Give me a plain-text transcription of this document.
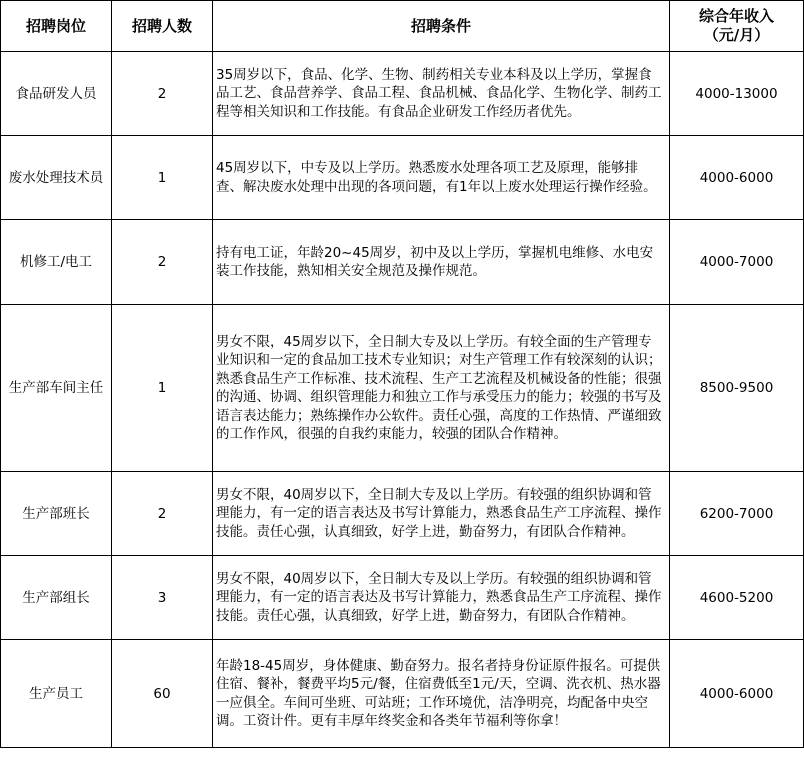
招聘岗位	招聘人数	招聘条件	综合年收入
（元/月）

食品研发人员	2	35周岁以下，食品、化学、生物、制药相关专业本科及以上学历，掌握食品工艺、食品营养学、食品工程、食品机械、食品化学、生物化学、制药工程等相关知识和工作技能。有食品企业研发工作经历者优先。	4000-13000
废水处理技术员	1	45周岁以下，中专及以上学历。熟悉废水处理各项工艺及原理，能够排查、解决废水处理中出现的各项问题，有1年以上废水处理运行操作经验。	4000-6000
机修工/电工	2	持有电工证，年龄20~45周岁，初中及以上学历，掌握机电维修、水电安装工作技能，熟知相关安全规范及操作规范。	4000-7000
生产部车间主任	1	男女不限，45周岁以下，全日制大专及以上学历。有较全面的生产管理专业知识和一定的食品加工技术专业知识；对生产管理工作有较深刻的认识；熟悉食品生产工作标准、技术流程、生产工艺流程及机械设备的性能；很强的沟通、协调、组织管理能力和独立工作与承受压力的能力；较强的书写及语言表达能力；熟练操作办公软件。责任心强，高度的工作热情、严谨细致的工作作风，很强的自我约束能力，较强的团队合作精神。	8500-9500
生产部班长	2	男女不限，40周岁以下，全日制大专及以上学历。有较强的组织协调和管理能力，有一定的语言表达及书写计算能力，熟悉食品生产工序流程、操作技能。责任心强，认真细致，好学上进，勤奋努力，有团队合作精神。	6200-7000
生产部组长	3	男女不限，40周岁以下，全日制大专及以上学历。有较强的组织协调和管理能力，有一定的语言表达及书写计算能力，熟悉食品生产工序流程、操作技能。责任心强，认真细致，好学上进，勤奋努力，有团队合作精神。	4600-5200
生产员工	60	年龄18-45周岁，身体健康、勤奋努力。报名者持身份证原件报名。可提供住宿、餐补，餐费平均5元/餐，住宿费低至1元/天，空调、洗衣机、热水器一应俱全。车间可坐班、可站班；工作环境优，洁净明亮，均配备中央空调。工资计件。更有丰厚年终奖金和各类年节福利等你拿！	4000-6000
